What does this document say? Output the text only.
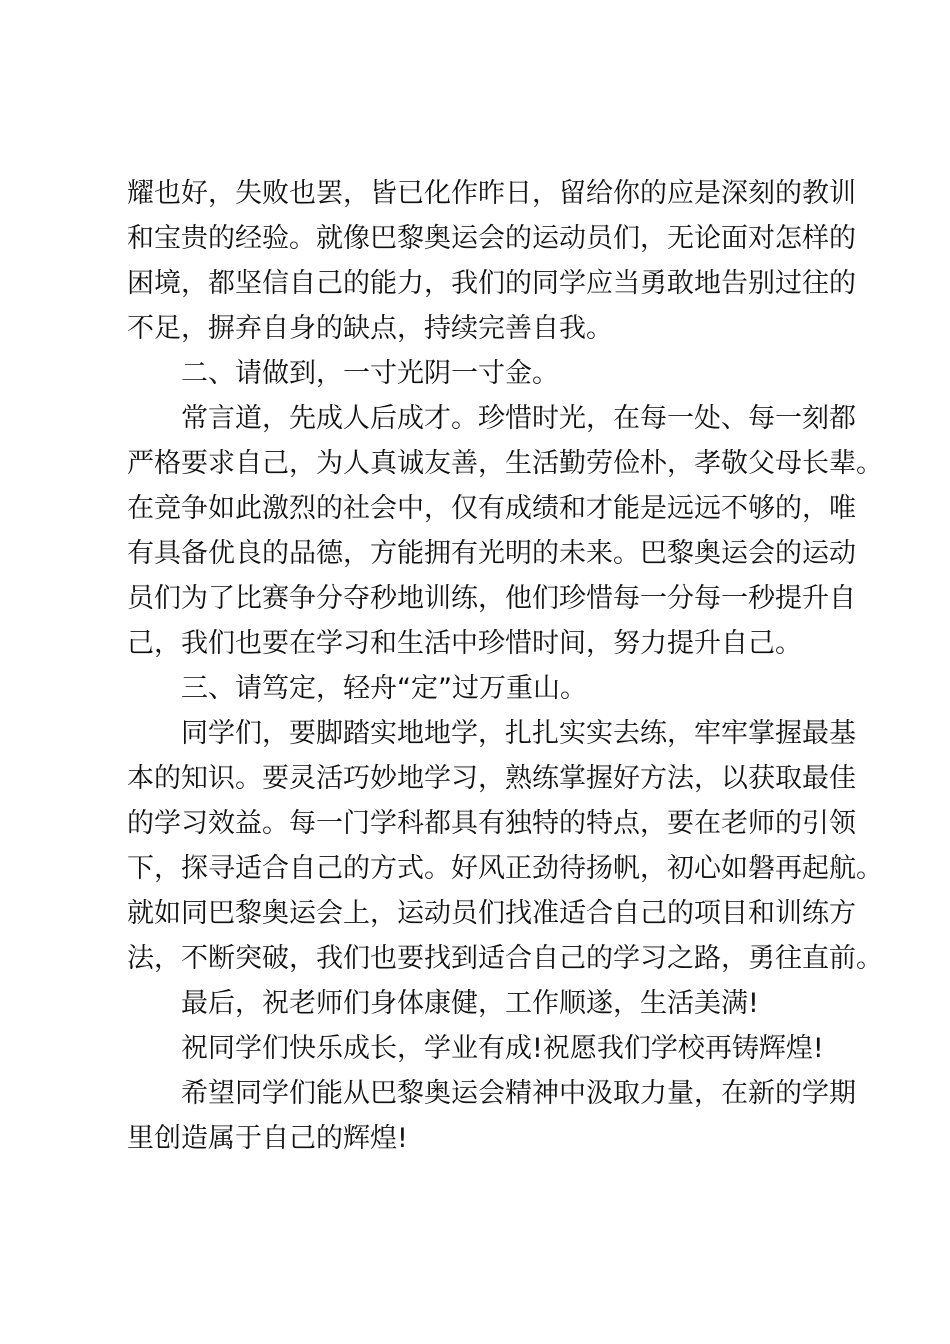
耀也好，失败也罢，皆已化作昨日，留给你的应是深刻的教训
和宝贵的经验。就像巴黎奥运会的运动员们，无论面对怎样的
困境，都坚信自己的能力，我们的同学应当勇敢地告别过往的
不足，摒弃自身的缺点，持续完善自我。
二、请做到，一寸光阴一寸金。
常言道，先成人后成才。珍惜时光，在每一处、每一刻都
严格要求自己，为人真诚友善，生活勤劳俭朴，孝敬父母长辈。
在竞争如此激烈的社会中，仅有成绩和才能是远远不够的，唯
有具备优良的品德，方能拥有光明的未来。巴黎奥运会的运动
员们为了比赛争分夺秒地训练，他们珍惜每一分每一秒提升自
己，我们也要在学习和生活中珍惜时间，努力提升自己。
三、请笃定，轻舟“定”过万重山。
同学们，要脚踏实地地学，扎扎实实去练，牢牢掌握最基
本的知识。要灵活巧妙地学习，熟练掌握好方法，以获取最佳
的学习效益。每一门学科都具有独特的特点，要在老师的引领
下，探寻适合自己的方式。好风正劲待扬帆，初心如磐再起航。
就如同巴黎奥运会上，运动员们找准适合自己的项目和训练方
法，不断突破，我们也要找到适合自己的学习之路，勇往直前。
最后，祝老师们身体康健，工作顺遂，生活美满!
祝同学们快乐成长，学业有成!祝愿我们学校再铸辉煌!
希望同学们能从巴黎奥运会精神中汲取力量，在新的学期
里创造属于自己的辉煌!
